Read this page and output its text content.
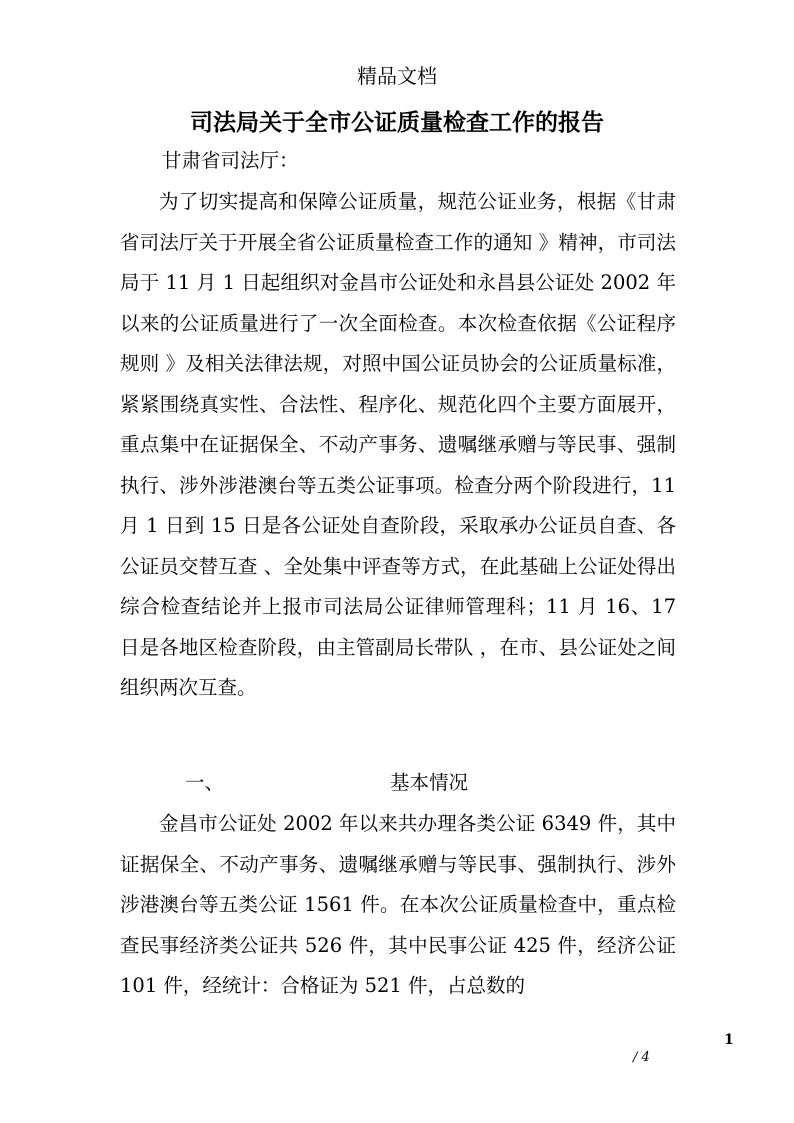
精品文档
司法局关于全市公证质量检查工作的报告

甘肃省司法厅：

为了切实提高和保障公证质量，规范公证业务，根据《甘肃省司法厅关于开展全省公证质量检查工作的通知 》精神，市司法局于 11 月 1 日起组织对金昌市公证处和永昌县公证处 2002 年以来的公证质量进行了一次全面检查。本次检查依据《公证程序规则 》及相关法律法规，对照中国公证员协会的公证质量标准，紧紧围绕真实性、合法性、程序化、规范化四个主要方面展开，重点集中在证据保全、不动产事务、遗嘱继承赠与等民事、强制执行、涉外涉港澳台等五类公证事项。检查分两个阶段进行，11 月 1 日到 15 日是各公证处自查阶段，采取承办公证员自查、各公证员交替互查 、全处集中评查等方式，在此基础上公证处得出综合检查结论并上报市司法局公证律师管理科；11 月 16、17 日是各地区检查阶段，由主管副局长带队 ，在市、县公证处之间组织两次互查。

一、	基本情况

金昌市公证处 2002 年以来共办理各类公证 6349 件，其中证据保全、不动产事务、遗嘱继承赠与等民事、强制执行、涉外涉港澳台等五类公证 1561 件。在本次公证质量检查中，重点检查民事经济类公证共 526 件，其中民事公证 425 件，经济公证 101 件，经统计：合格证为 521 件，占总数的

1
/ 4
